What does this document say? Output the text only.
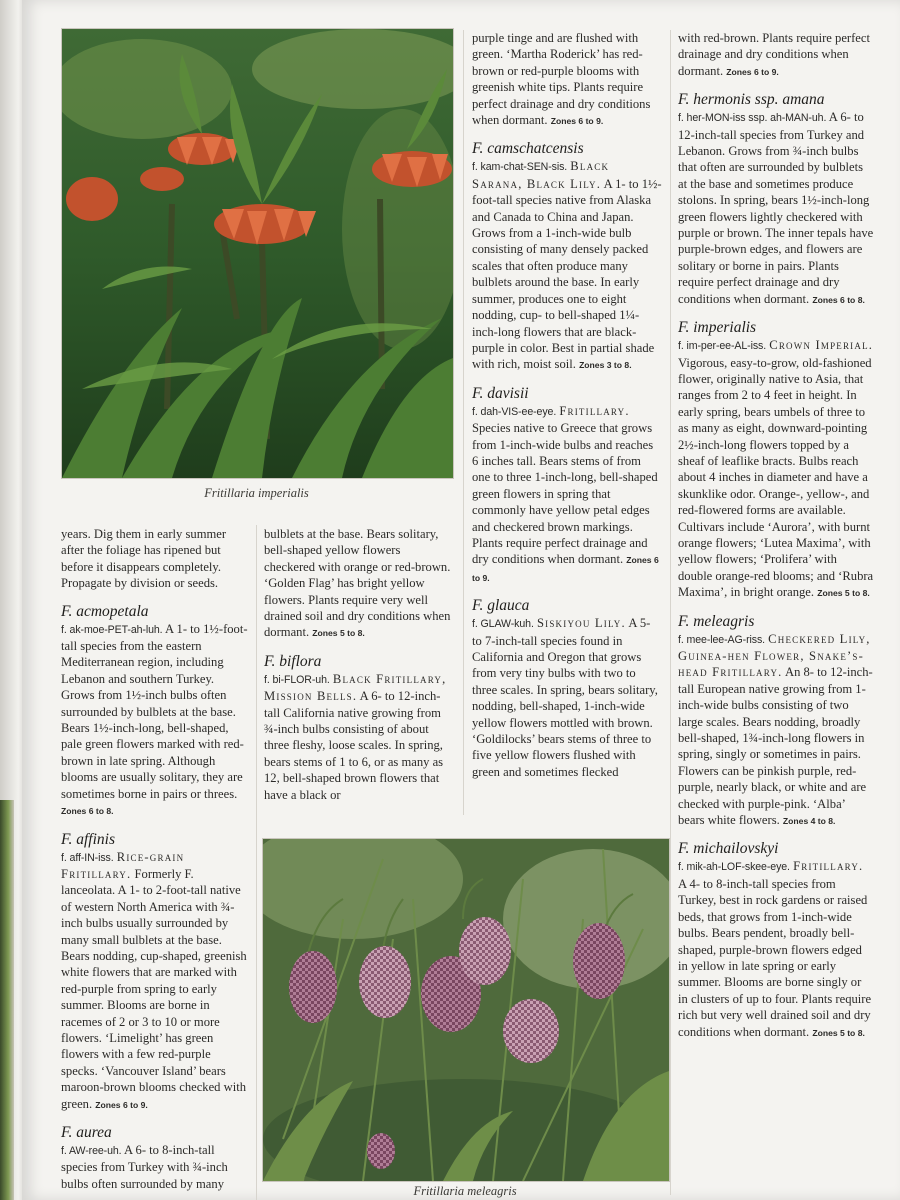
Fritillaria imperialis
Fritillaria meleagris

years. Dig them in early summer after the foliage has ripened but before it disappears completely. Propagate by division or seeds.

F. acmopetala
f. ak-moe-PET-ah-luh. A 1- to 1½-foot-tall species from the eastern Mediterranean region, including Lebanon and southern Turkey. Grows from 1½-inch bulbs often surrounded by bulblets at the base. Bears 1½-inch-long, bell-shaped, pale green flowers marked with red-brown in late spring. Although blooms are usually solitary, they are sometimes borne in pairs or threes. Zones 6 to 8.
F. affinis
f. aff-IN-iss. Rice-grain Fritillary. Formerly F. lanceolata. A 1- to 2-foot-tall native of western North America with ¾-inch bulbs usually surrounded by many small bulblets at the base. Bears nodding, cup-shaped, greenish white flowers that are marked with red-purple from spring to early summer. Blooms are borne in racemes of 2 or 3 to 10 or more flowers. ‘Limelight’ has green flowers with a few red-purple specks. ‘Vancouver Island’ bears maroon-brown blooms checked with green. Zones 6 to 9.
F. aurea
f. AW-ree-uh. A 6- to 8-inch-tall species from Turkey with ¾-inch bulbs often surrounded by many

bulblets at the base. Bears solitary, bell-shaped yellow flowers checkered with orange or red-brown. ‘Golden Flag’ has bright yellow flowers. Plants require very well drained soil and dry conditions when dormant. Zones 5 to 8.

F. biflora
f. bi-FLOR-uh. Black Fritillary, Mission Bells. A 6- to 12-inch-tall California native growing from ¾-inch bulbs consisting of about three fleshy, loose scales. In spring, bears stems of 1 to 6, or as many as 12, bell-shaped brown flowers that have a black or

purple tinge and are flushed with green. ‘Martha Roderick’ has red-brown or red-purple blooms with greenish white tips. Plants require perfect drainage and dry conditions when dormant. Zones 6 to 9.

F. camschatcensis
f. kam-chat-SEN-sis. Black Sarana, Black Lily. A 1- to 1½-foot-tall species native from Alaska and Canada to China and Japan. Grows from a 1-inch-wide bulb consisting of many densely packed scales that often produce many bulblets around the base. In early summer, produces one to eight nodding, cup- to bell-shaped 1¼-inch-long flowers that are black-purple in color. Best in partial shade with rich, moist soil. Zones 3 to 8.
F. davisii
f. dah-VIS-ee-eye. Fritillary. Species native to Greece that grows from 1-inch-wide bulbs and reaches 6 inches tall. Bears stems of from one to three 1-inch-long, bell-shaped green flowers in spring that commonly have yellow petal edges and checkered brown markings. Plants require perfect drainage and dry conditions when dormant. Zones 6 to 9.
F. glauca
f. GLAW-kuh. Siskiyou Lily. A 5- to 7-inch-tall species found in California and Oregon that grows from very tiny bulbs with two to three scales. In spring, bears solitary, nodding, bell-shaped, 1-inch-wide yellow flowers mottled with brown. ‘Goldilocks’ bears stems of three to five yellow flowers flushed with green and sometimes flecked

with red-brown. Plants require perfect drainage and dry conditions when dormant. Zones 6 to 9.

F. hermonis ssp. amana
f. her-MON-iss ssp. ah-MAN-uh. A 6- to 12-inch-tall species from Turkey and Lebanon. Grows from ¾-inch bulbs that often are surrounded by bulblets at the base and sometimes produce stolons. In spring, bears 1½-inch-long green flowers lightly checkered with purple or brown. The inner tepals have purple-brown edges, and flowers are solitary or borne in pairs. Plants require perfect drainage and dry conditions when dormant. Zones 6 to 8.
F. imperialis
f. im-per-ee-AL-iss. Crown Imperial. Vigorous, easy-to-grow, old-fashioned flower, originally native to Asia, that ranges from 2 to 4 feet in height. In early spring, bears umbels of three to as many as eight, downward-pointing 2½-inch-long flowers topped by a sheaf of leaflike bracts. Bulbs reach about 4 inches in diameter and have a skunklike odor. Orange-, yellow-, and red-flowered forms are available. Cultivars include ‘Aurora’, with burnt orange flowers; ‘Lutea Maxima’, with yellow flowers; ‘Prolifera’ with double orange-red blooms; and ‘Rubra Maxima’, in bright orange. Zones 5 to 8.
F. meleagris
f. mee-lee-AG-riss. Checkered Lily, Guinea-hen Flower, Snake’s-head Fritillary. An 8- to 12-inch-tall European native growing from 1-inch-wide bulbs consisting of two large scales. Bears nodding, broadly bell-shaped, 1¾-inch-long flowers in spring, singly or sometimes in pairs. Flowers can be pinkish purple, red-purple, nearly black, or white and are checked with purple-pink. ‘Alba’ bears white flowers. Zones 4 to 8.
F. michailovskyi
f. mik-ah-LOF-skee-eye. Fritillary. A 4- to 8-inch-tall species from Turkey, best in rock gardens or raised beds, that grows from 1-inch-wide bulbs. Bears pendent, broadly bell-shaped, purple-brown flowers edged in yellow in late spring or early summer. Blooms are borne singly or in clusters of up to four. Plants require rich but very well drained soil and dry conditions when dormant. Zones 5 to 8.
